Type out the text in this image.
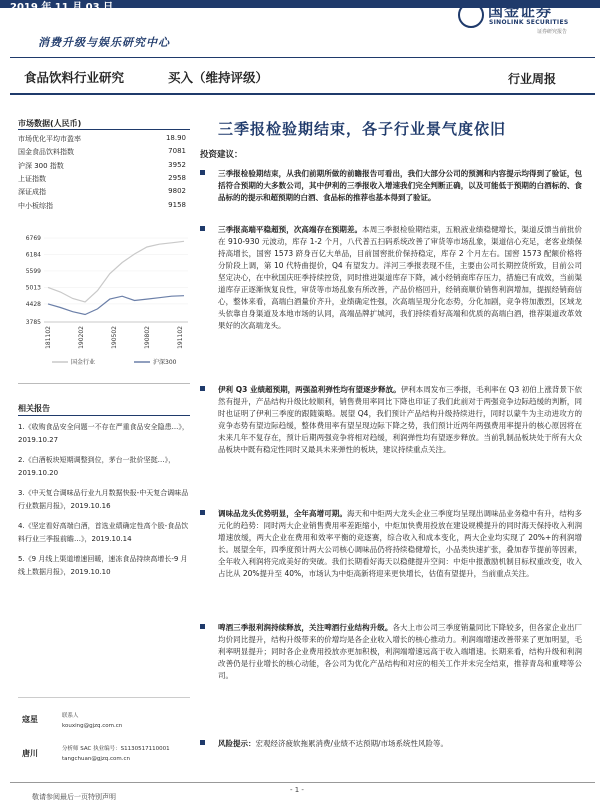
2019 年 11 月 03 日	国金证券
SINOLINK SECURITIES
证券研究报告
消费升级与娱乐研究中心
食品饮料行业研究	买入（维持评级）	行业周报
市场数据(人民币)
市场优化平均市盈率	18.90
国金食品饮料指数	7081
沪深 300 指数	3952
上证指数	2958
深证成指	9802
中小板综指	9158
6769
6184
5599
5013
4428
3785
181102	190202	190502	190802	191102
国金行业	沪深300
相关报告
1.《收购食品安全问题一不存在严重食品安全隐患...》，2019.10.27
2.《白酒板块短期调整到位，茅台一批价坚挺…》，2019.10.20
3.《中天复合调味品行业九月数据快报-中天复合调味品行业数据月报》，2019.10.16
4.《坚定看好高端白酒，首选业绩确定性高个股-食品饮料行业三季报前瞻…》，2019.10.14
5.《9 月线上渠道增速回暖，速冻食品持续高增长-9 月线上数据月报》，2019.10.10
寇星	联系人
kouxing@gjzq.com.cn
唐川	分析师 SAC 执业编号：S1130517110001
tangchuan@gjzq.com.cn
三季报检验期结束，各子行业景气度依旧
投资建议：
三季报检验期结束，从我们前期所做的前瞻报告可看出，我们大部分公司的预测和内容提示均得到了验证，包括符合预期的大多数公司，其中伊利的三季报收入增速我们完全判断正确，以及可能低于预期的白酒标的、食品标的的提示和超预期的白酒、食品标的推荐也基本得到了验证。
三季报高端平稳超预，次高端存在预期差。本周三季报检验期结束，五粮液业绩稳健增长，渠道反馈当前批价在 910-930 元波动，库存 1-2 个月，八代普五扫码系统改善了审货等市场乱象，渠道信心充足，老客业绩保持高增长，国窖 1573 跻身百亿大单品，目前国窖批价保持稳定，库存 2 个月左右。国窖 1573 配额价格将分阶段上调，第 10 代特曲提价，Q4 有望发力。洋河三季报表现不佳，主要由公司长期控货所致，目前公司坚定决心，在中秋国庆旺季持续控货，同时推进渠道库存下降，减小经销商库存压力，措施已有成效，当前渠道库存正逐渐恢复良性，审货等市场乱象有所改善，产品价格回升，经销商顺价销售利润增加，提振经销商信心，整体来看，高端白酒量价齐升，业绩确定性强，次高端呈现分化态势，分化加剧，竞争将加激烈，区域龙头依靠自身渠道及本地市场的认同，高端品牌扩城河，我们持续看好高端和优质的高端白酒，推荐渠道改革效果好的次高端龙头。
伊利 Q3 业绩超预期，两强盈利弹性均有望逐步释放。伊利本周发布三季报，毛利率在 Q3 初伯上涨背景下依然有提升，产品结构升级比较顺利，销售费用率同比下降也印证了我们此前对于两强竞争边际趋缓的判断，同时也证明了伊利三季度的跟随策略。展望 Q4，我们预计产品结构升级持续进行，同时以蒙牛为主动进攻方的竞争态势有望边际趋缓，整体费用率有望呈现边际下降之势，我们预计近两年两强费用率提升的核心原因将在未来几年不复存在，预计后期两强竞争将相对趋缓，利润弹性均有望逐步释放。当前乳制品板块处于所有大众品板块中既有稳定性同时又最具未来弹性的板块，建议持续重点关注。
调味品龙头优势明显，全年高增可期。海天和中炬两大龙头企业三季度均呈现出调味品业务稳中有升，结构多元化的趋势：同时两大企业销售费用率差距缩小，中炬加快费用投放在建设规模提升的同时海天保持收入利润增速放缓，两大企业在费用和效率平衡的竞逐赛，综合收入和成本变化，两大企业均实现了 20%+的利润增长。展望全年，四季度预计两大公司核心调味品仍将持续稳健增长，小品类快速扩张，叠加春节提前等因素，全年收入利润将完成美好的突破。我们长期看好海天以稳健提升空间：中炬中报激励机制目标权重改变，收入占比从 20%提升至 40%，市场认为中炬高新将迎来更快增长，估值有望提升，当前重点关注。
啤酒三季报利润持续释放，关注啤酒行业结构升级。各大上市公司三季度销量同比下降较多，但各家企业出厂均价同比提升，结构升级带来的价增均是各企业收入增长的核心推动力。利润端增速改善带来了更加明显，毛利率明显提升；同时各企业费用投放亦更加积极，利润端增速远高于收入端增速。长期来看，结构升级和利润改善仍是行业增长的核心动能，各公司为优化产品结构和对应的相关工作并未完全结束，推荐青岛和重啤等公司。
风险提示：宏观经济疲软拖累消费/业绩不达预期/市场系统性风险等。
- 1 -
敬请参阅最后一页特别声明
